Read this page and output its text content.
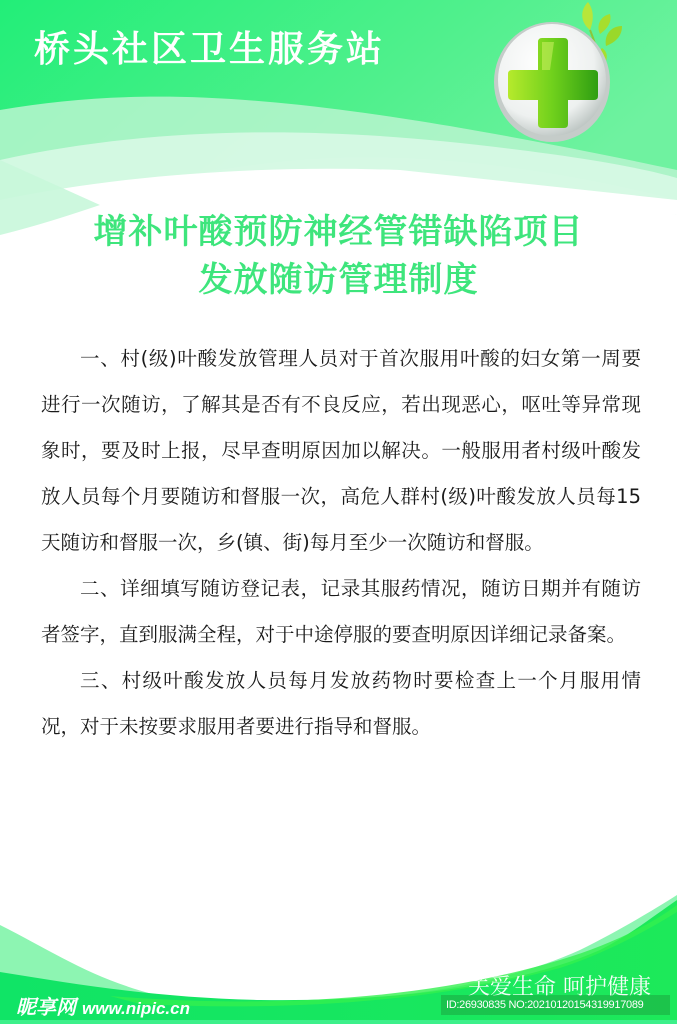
桥头社区卫生服务站
增补叶酸预防神经管错缺陷项目
发放随访管理制度

一、村(级)叶酸发放管理人员对于首次服用叶酸的妇女第一周要进行一次随访，了解其是否有不良反应，若出现恶心，呕吐等异常现象时，要及时上报，尽早查明原因加以解决。一般服用者村级叶酸发放人员每个月要随访和督服一次，高危人群村(级)叶酸发放人员每15天随访和督服一次，乡(镇、街)每月至少一次随访和督服。

二、详细填写随访登记表，记录其服药情况，随访日期并有随访者签字，直到服满全程，对于中途停服的要查明原因详细记录备案。

三、村级叶酸发放人员每月发放药物时要检查上一个月服用情况，对于未按要求服用者要进行指导和督服。

关爱生命 呵护健康
ID:26930835 NO:20210120154319917089
昵享网 www.nipic.cn
